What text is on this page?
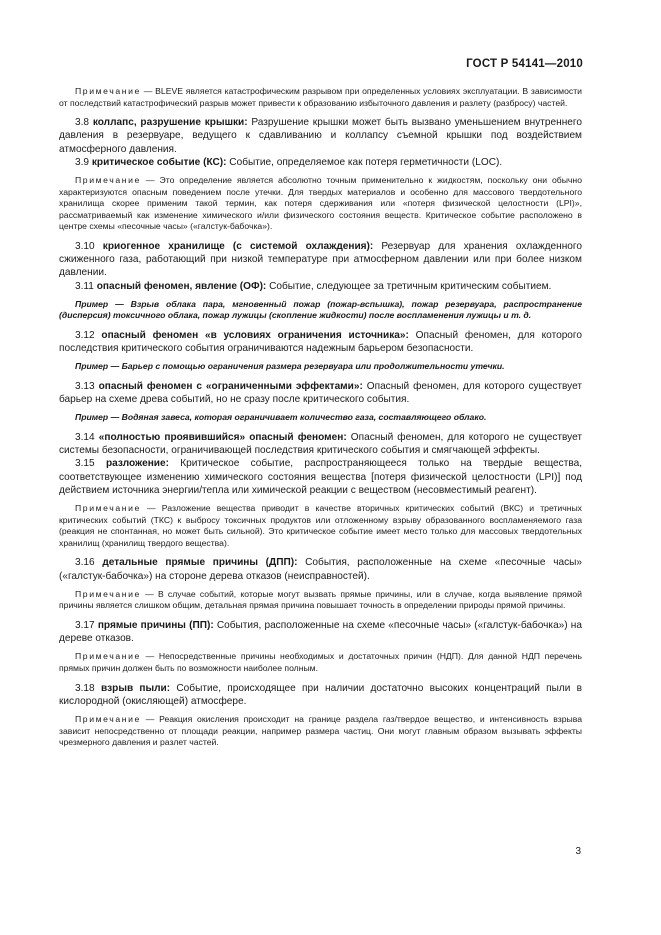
ГОСТ Р 54141—2010

Примечание — BLEVE является катастрофическим разрывом при определенных условиях эксплуатации. В зависимости от последствий катастрофический разрыв может привести к образованию избыточного давления и разлету (разбросу) частей.

3.8 коллапс, разрушение крышки: Разрушение крышки может быть вызвано уменьшением внутреннего давления в резервуаре, ведущего к сдавливанию и коллапсу съемной крышки под воздействием атмосферного давления.

3.9 критическое событие (КС): Событие, определяемое как потеря герметичности (LOC).

Примечание — Это определение является абсолютно точным применительно к жидкостям, поскольку они обычно характеризуются опасным поведением после утечки. Для твердых материалов и особенно для массового твердотельного хранилища скорее применим такой термин, как потеря сдерживания или «потеря физической целостности (LPI)», рассматриваемый как изменение химического и/или физического состояния веществ. Критическое событие расположено в центре схемы «песочные часы» («галстук-бабочка»).

3.10 криогенное хранилище (с системой охлаждения): Резервуар для хранения охлажденного сжиженного газа, работающий при низкой температуре при атмосферном давлении или при более низком давлении.

3.11 опасный феномен, явление (ОФ): Событие, следующее за третичным критическим событием.

Пример — Взрыв облака пара, мгновенный пожар (пожар-вспышка), пожар резервуара, распространение (дисперсия) токсичного облака, пожар лужицы (скопление жидкости) после воспламенения лужицы и т. д.

3.12 опасный феномен «в условиях ограничения источника»: Опасный феномен, для которого последствия критического события ограничиваются надежным барьером безопасности.

Пример — Барьер с помощью ограничения размера резервуара или продолжительности утечки.

3.13 опасный феномен с «ограниченными эффектами»: Опасный феномен, для которого существует барьер на схеме древа событий, но не сразу после критического события.

Пример — Водяная завеса, которая ограничивает количество газа, составляющего облако.

3.14 «полностью проявившийся» опасный феномен: Опасный феномен, для которого не существует системы безопасности, ограничивающей последствия критического события и смягчающей эффекты.

3.15 разложение: Критическое событие, распространяющееся только на твердые вещества, соответствующее изменению химического состояния вещества [потеря физической целостности (LPI)] под действием источника энергии/тепла или химической реакции с веществом (несовместимый реагент).

Примечание — Разложение вещества приводит в качестве вторичных критических событий (ВКС) и третичных критических событий (ТКС) к выбросу токсичных продуктов или отложенному взрыву образованного воспламеняемого газа (реакция не спонтанная, но может быть сильной). Это критическое событие имеет место только для массовых твердотельных хранилищ (хранилищ твердого вещества).

3.16 детальные прямые причины (ДПП): События, расположенные на схеме «песочные часы» («галстук-бабочка») на стороне дерева отказов (неисправностей).

Примечание — В случае событий, которые могут вызвать прямые причины, или в случае, когда выявление прямой причины является слишком общим, детальная прямая причина повышает точность в определении природы прямой причины.

3.17 прямые причины (ПП): События, расположенные на схеме «песочные часы» («галстук-бабочка») на дереве отказов.

Примечание — Непосредственные причины необходимых и достаточных причин (НДП). Для данной НДП перечень прямых причин должен быть по возможности наиболее полным.

3.18 взрыв пыли: Событие, происходящее при наличии достаточно высоких концентраций пыли в кислородной (окисляющей) атмосфере.

Примечание — Реакция окисления происходит на границе раздела газ/твердое вещество, и интенсивность взрыва зависит непосредственно от площади реакции, например размера частиц. Они могут главным образом вызывать эффекты чрезмерного давления и разлет частей.

3
